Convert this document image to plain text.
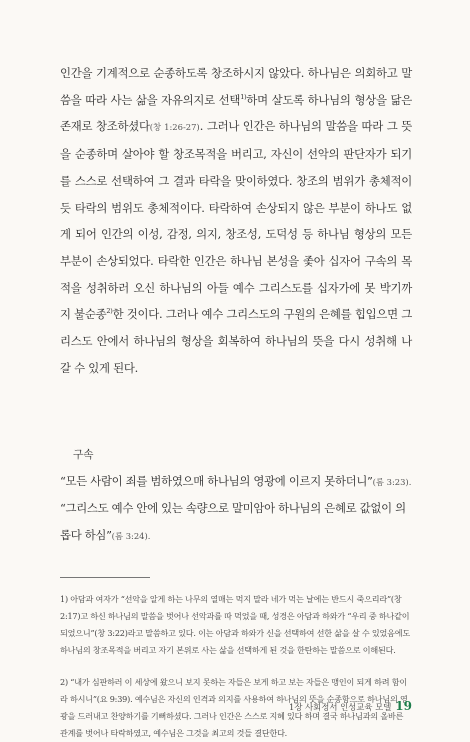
인간을 기계적으로 순종하도록 창조하시지 않았다. 하나님은 의회하고 말씀을 따라 사는 삶을 자유의지로 선택$^{1)}$하며 살도록 하나님의 형상을 닮은 존재로 창조하셨다(창 1:26-27). 그러나 인간은 하나님의 말씀을 따라 그 뜻을 순종하며 살아야 할 창조목적을 버리고, 자신이 선악의 판단자가 되기를 스스로 선택하여 그 결과 타락을 맞이하였다. 창조의 범위가 총체적이듯 타락의 범위도 총체적이다. 타락하여 손상되지 않은 부분이 하나도 없게 되어 인간의 이성, 감정, 의지, 창조성, 도덕성 등 하나님 형상의 모든 부분이 손상되었다. 타락한 인간은 하나님 본성을 좇아 십자어 구속의 목적을 성취하러 오신 하나님의 아들 예수 그리스도를 십자가에 못 박기까지 불순종$^{2)}$한 것이다. 그러나 예수 그리스도의 구원의 은혜를 힙입으면 그리스도 안에서 하나님의 형상을 회복하여 하나님의 뜻을 다시 성취해 나갈 수 있게 된다.

구속

“모든 사람이 죄를 범하였으매 하나님의 영광에 이르지 못하더니”(롬 3:23).

“그리스도 예수 안에 있는 속량으로 말미암아 하나님의 은혜로 값없이 의롭다 하심”(롬 3:24).

1) 아담과 여자가 “선악을 알게 하는 나무의 열매는 먹지 말라 네가 먹는 날에는 반드시 죽으리라”(창 2:17)고 하신 하나님의 말씀을 벗어나 선악과를 따 먹었을 때, 성경은 아담과 하와가 “우리 중 하나같이 되었으니”(창 3:22)라고 말씀하고 있다. 이는 아담과 하와가 신을 선택하여 선한 삶을 살 수 있었음에도 하나님의 창조목적을 버리고 자기 본위로 사는 삶을 선택하게 된 것을 한탄하는 말씀으로 이해된다.

2) “내가 심판하러 이 세상에 왔으니 보지 못하는 자들은 보게 하고 보는 자들은 맹인이 되게 하려 함이라 하시니”(요 9:39). 예수님은 자신의 인격과 의지를 사용하여 하나님의 뜻을 순종함으로 하나님의 영광을 드러내고 찬양하기를 기뻐하셨다. 그러나 인간은 스스로 지혜 있다 하며 결국 하나님과의 올바른 관계를 벗어나 타락하였고, 예수님은 그것을 최고의 것들 결단한다.

1장 사회정서 인성교육 모델 19
